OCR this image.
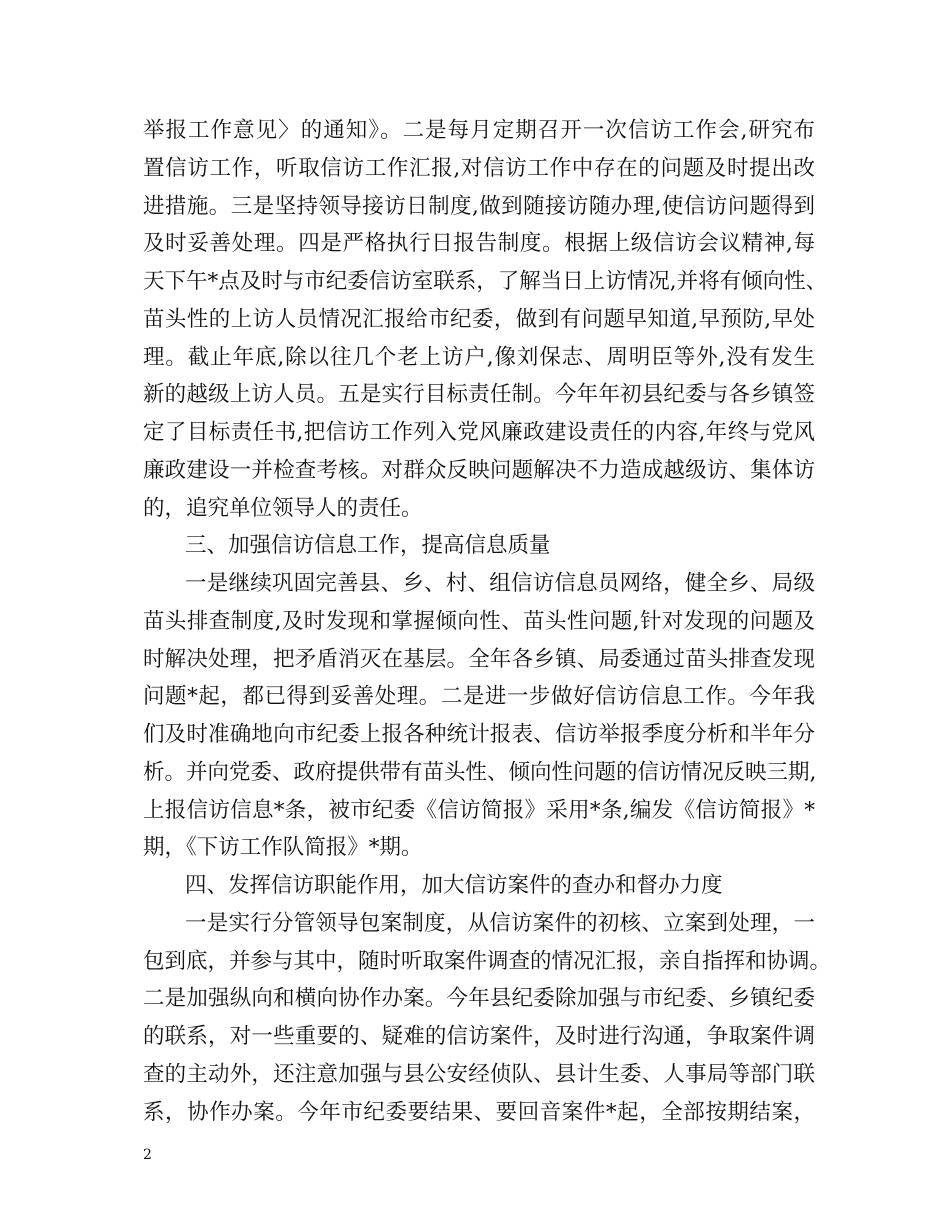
举报工作意见〉的通知》。二是每月定期召开一次信访工作会,研究布
置信访工作，听取信访工作汇报,对信访工作中存在的问题及时提出改
进措施。三是坚持领导接访日制度,做到随接访随办理,使信访问题得到
及时妥善处理。四是严格执行日报告制度。根据上级信访会议精神,每
天下午*点及时与市纪委信访室联系，了解当日上访情况,并将有倾向性、
苗头性的上访人员情况汇报给市纪委，做到有问题早知道,早预防,早处
理。截止年底,除以往几个老上访户,像刘保志、周明臣等外,没有发生
新的越级上访人员。五是实行目标责任制。今年年初县纪委与各乡镇签
定了目标责任书,把信访工作列入党风廉政建设责任的内容,年终与党风
廉政建设一并检查考核。对群众反映问题解决不力造成越级访、集体访
的，追究单位领导人的责任。
三、加强信访信息工作，提高信息质量
一是继续巩固完善县、乡、村、组信访信息员网络，健全乡、局级
苗头排查制度,及时发现和掌握倾向性、苗头性问题,针对发现的问题及
时解决处理，把矛盾消灭在基层。全年各乡镇、局委通过苗头排查发现
问题*起，都已得到妥善处理。二是进一步做好信访信息工作。今年我
们及时准确地向市纪委上报各种统计报表、信访举报季度分析和半年分
析。并向党委、政府提供带有苗头性、倾向性问题的信访情况反映三期,
上报信访信息*条，被市纪委《信访简报》采用*条,编发《信访简报》*
期，《下访工作队简报》*期。
四、发挥信访职能作用，加大信访案件的查办和督办力度
一是实行分管领导包案制度，从信访案件的初核、立案到处理，一
包到底，并参与其中，随时听取案件调查的情况汇报，亲自指挥和协调。
二是加强纵向和横向协作办案。今年县纪委除加强与市纪委、乡镇纪委
的联系，对一些重要的、疑难的信访案件，及时进行沟通，争取案件调
查的主动外，还注意加强与县公安经侦队、县计生委、人事局等部门联
系，协作办案。今年市纪委要结果、要回音案件*起，全部按期结案，
2
